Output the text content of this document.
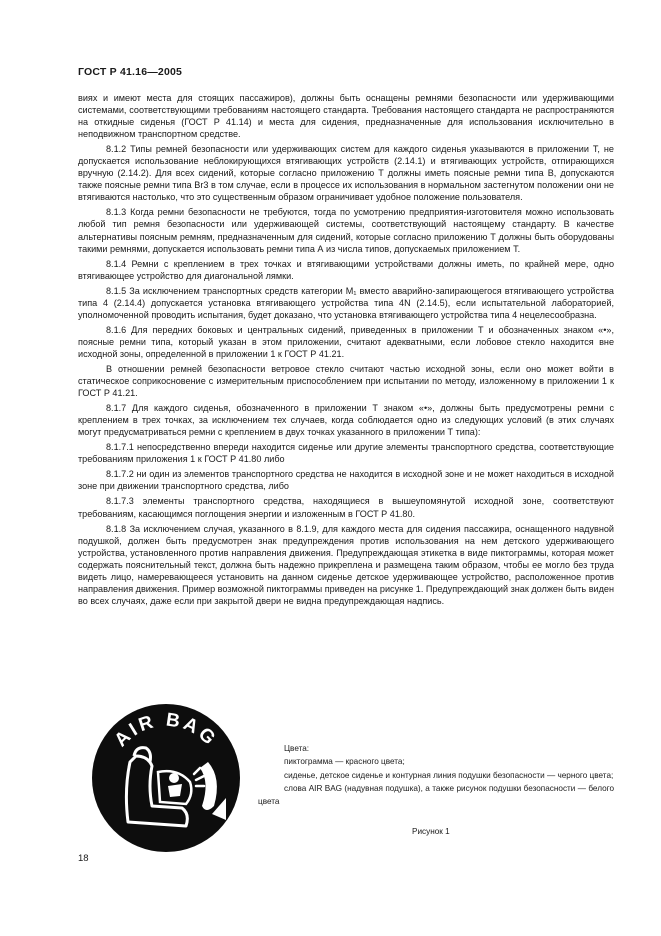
ГОСТ Р 41.16—2005

виях и имеют места для стоящих пассажиров), должны быть оснащены ремнями безопасности или удерживающими системами, соответствующими требованиям настоящего стандарта. Требования настоящего стандарта не распространяются на откидные сиденья (ГОСТ Р 41.14) и места для сидения, предназначенные для использования исключительно в неподвижном транспортном средстве.

8.1.2 Типы ремней безопасности или удерживающих систем для каждого сиденья указываются в приложении Т, не допускается использование неблокирующихся втягивающих устройств (2.14.1) и втягивающих устройств, отпирающихся вручную (2.14.2). Для всех сидений, которые согласно приложению Т должны иметь поясные ремни типа В, допускаются также поясные ремни типа Br3 в том случае, если в процессе их использования в нормальном застегнутом положении они не втягиваются настолько, что это существенным образом ограничивает удобное положение пользователя.

8.1.3 Когда ремни безопасности не требуются, тогда по усмотрению предприятия-изготовителя можно использовать любой тип ремня безопасности или удерживающей системы, соответствующий настоящему стандарту. В качестве альтернативы поясным ремням, предназначенным для сидений, которые согласно приложению Т должны быть оборудованы такими ремнями, допускается использовать ремни типа А из числа типов, допускаемых приложением Т.

8.1.4 Ремни с креплением в трех точках и втягивающими устройствами должны иметь, по крайней мере, одно втягивающее устройство для диагональной лямки.

8.1.5 За исключением транспортных средств категории M₁ вместо аварийно-запирающегося втягивающего устройства типа 4 (2.14.4) допускается установка втягивающего устройства типа 4N (2.14.5), если испытательной лабораторией, уполномоченной проводить испытания, будет доказано, что установка втягивающего устройства типа 4 нецелесообразна.

8.1.6 Для передних боковых и центральных сидений, приведенных в приложении Т и обозначенных знаком «•», поясные ремни типа, который указан в этом приложении, считают адекватными, если лобовое стекло находится вне исходной зоны, определенной в приложении 1 к ГОСТ Р 41.21.

В отношении ремней безопасности ветровое стекло считают частью исходной зоны, если оно может войти в статическое соприкосновение с измерительным приспособлением при испытании по методу, изложенному в приложении 1 к ГОСТ Р 41.21.

8.1.7 Для каждого сиденья, обозначенного в приложении Т знаком «•», должны быть предусмотрены ремни с креплением в трех точках, за исключением тех случаев, когда соблюдается одно из следующих условий (в этих случаях могут предусматриваться ремни с креплением в двух точках указанного в приложении Т типа):

8.1.7.1 непосредственно впереди находится сиденье или другие элементы транспортного средства, соответствующие требованиям приложения 1 к ГОСТ Р 41.80 либо

8.1.7.2 ни один из элементов транспортного средства не находится в исходной зоне и не может находиться в исходной зоне при движении транспортного средства, либо

8.1.7.3 элементы транспортного средства, находящиеся в вышеупомянутой исходной зоне, соответствуют требованиям, касающимся поглощения энергии и изложенным в ГОСТ Р 41.80.

8.1.8 За исключением случая, указанного в 8.1.9, для каждого места для сидения пассажира, оснащенного надувной подушкой, должен быть предусмотрен знак предупреждения против использования на нем детского удерживающего устройства, установленного против направления движения. Предупреждающая этикетка в виде пиктограммы, которая может содержать пояснительный текст, должна быть надежно прикреплена и размещена таким образом, чтобы ее могло без труда видеть лицо, намеревающееся установить на данном сиденье детское удерживающее устройство, расположенное против направления движения. Пример возможной пиктограммы приведен на рисунке 1. Предупреждающий знак должен быть виден во всех случаях, даже если при закрытой двери не видна предупреждающая надпись.

AIR BAG	Цвета:

пиктограмма — красного цвета;

сиденье, детское сиденье и контурная линия подушки безопасности — черного цвета;

слова AIR BAG (надувная подушка), а также рисунок подушки безопасности — белого цвета

Рисунок 1
18
